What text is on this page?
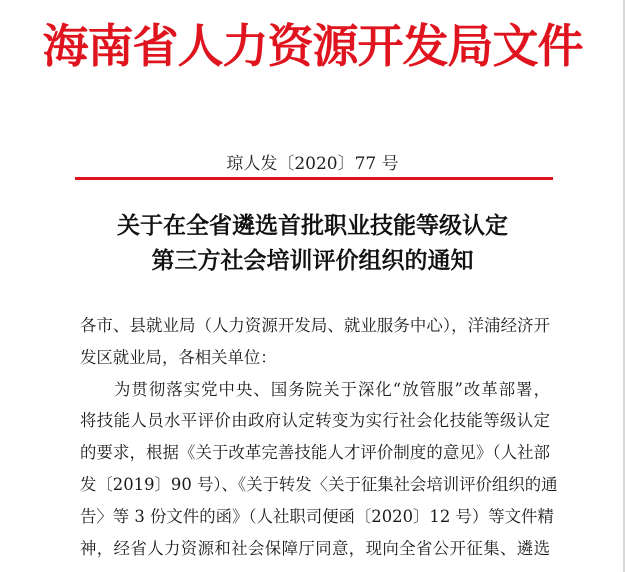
海南省人力资源开发局文件
琼人发〔2020〕77 号
关于在全省遴选首批职业技能等级认定
第三方社会培训评价组织的通知
各市、县就业局（人力资源开发局、就业服务中心），洋浦经济开
发区就业局，各相关单位：
为贯彻落实党中央、国务院关于深化“放管服”改革部署，
将技能人员水平评价由政府认定转变为实行社会化技能等级认定
的要求，根据《关于改革完善技能人才评价制度的意见》（人社部
发〔2019〕90 号）、《关于转发〈关于征集社会培训评价组织的通
告〉等 3 份文件的函》（人社职司便函〔2020〕12 号）等文件精
神，经省人力资源和社会保障厅同意，现向全省公开征集、遴选
